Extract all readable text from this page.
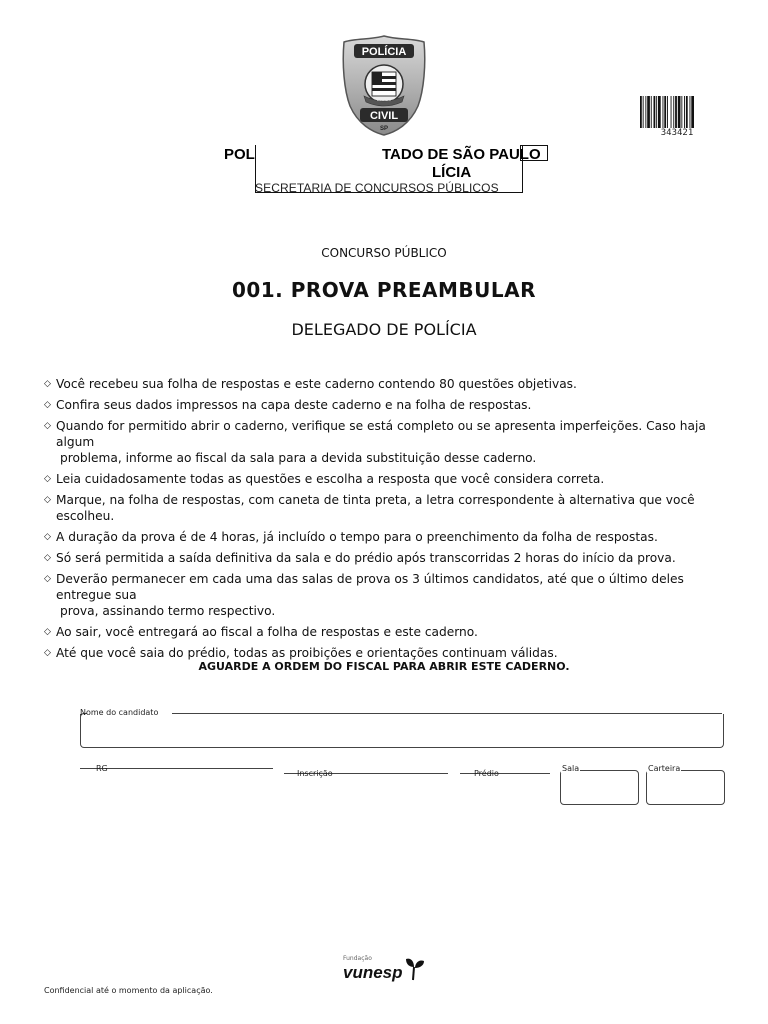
POLÍCIA
CIVIL
SP
ESTADO
343421
POL	TADO DE SÃO PAULO
LÍCIA
SECRETARIA DE CONCURSOS PÚBLICOS
CONCURSO PÚBLICO
001. PROVA PREAMBULAR
DELEGADO DE POLÍCIA
◇ Você recebeu sua folha de respostas e este caderno contendo 80 questões objetivas.
◇ Confira seus dados impressos na capa deste caderno e na folha de respostas.
◇ Quando for permitido abrir o caderno, verifique se está completo ou se apresenta imperfeições. Caso haja algum
problema, informe ao fiscal da sala para a devida substituição desse caderno.
◇ Leia cuidadosamente todas as questões e escolha a resposta que você considera correta.
◇ Marque, na folha de respostas, com caneta de tinta preta, a letra correspondente à alternativa que você escolheu.
◇ A duração da prova é de 4 horas, já incluído o tempo para o preenchimento da folha de respostas.
◇ Só será permitida a saída definitiva da sala e do prédio após transcorridas 2 horas do início da prova.
◇ Deverão permanecer em cada uma das salas de prova os 3 últimos candidatos, até que o último deles entregue sua
prova, assinando termo respectivo.
◇ Ao sair, você entregará ao fiscal a folha de respostas e este caderno.
◇ Até que você saia do prédio, todas as proibições e orientações continuam válidas.
AGUARDE A ORDEM DO FISCAL PARA ABRIR ESTE CADERNO.
Nome do candidato
RG
Inscrição	Prédio
Sala	Carteira
Fundação
vunesp
Confidencial até o momento da aplicação.
